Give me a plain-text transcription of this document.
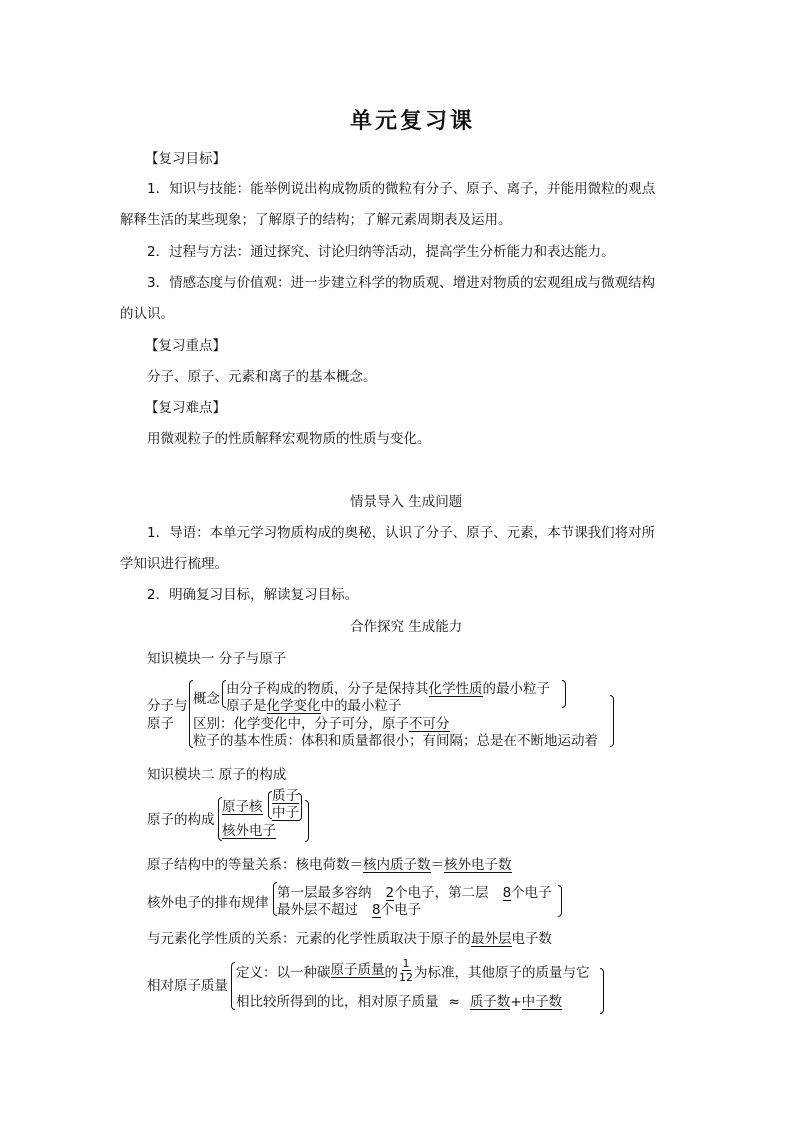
单元复习课
【复习目标】
1．知识与技能：能举例说出构成物质的微粒有分子、原子、离子，并能用微粒的观点
解释生活的某些现象；了解原子的结构；了解元素周期表及运用。
2．过程与方法：通过探究、讨论归纳等活动，提高学生分析能力和表达能力。
3．情感态度与价值观：进一步建立科学的物质观、增进对物质的宏观组成与微观结构
的认识。
【复习重点】
分子、原子、元素和离子的基本概念。
【复习难点】
用微观粒子的性质解释宏观物质的性质与变化。
情景导入 生成问题
1．导语：本单元学习物质构成的奥秘，认识了分子、原子、元素，本节课我们将对所
学知识进行梳理。
2．明确复习目标，解读复习目标。
合作探究 生成能力
知识模块一 分子与原子
分子与
原子
概念
由分子构成的物质，分子是保持其化学性质的最小粒子
原子是化学变化中的最小粒子
区别：化学变化中，分子可分，原子不可分
粒子的基本性质：体积和质量都很小；有间隔；总是在不断地运动着
知识模块二 原子的构成
原子的构成
原子核
质子
中子
核外电子
原子结构中的等量关系：核电荷数＝核内质子数＝核外电子数
核外电子的排布规律
第一层最多容纳 2个电子，第二层 8个电子
最外层不超过 8个电子
与元素化学性质的关系：元素的化学性质取决于原子的最外层电子数
相对原子质量
定义：以一种碳 原子质量 的 $\frac{1}{12}$ 为标准，其他原子的质量与它
相比较所得到的比，相对原子质量 ≈ 质子数+中子数
